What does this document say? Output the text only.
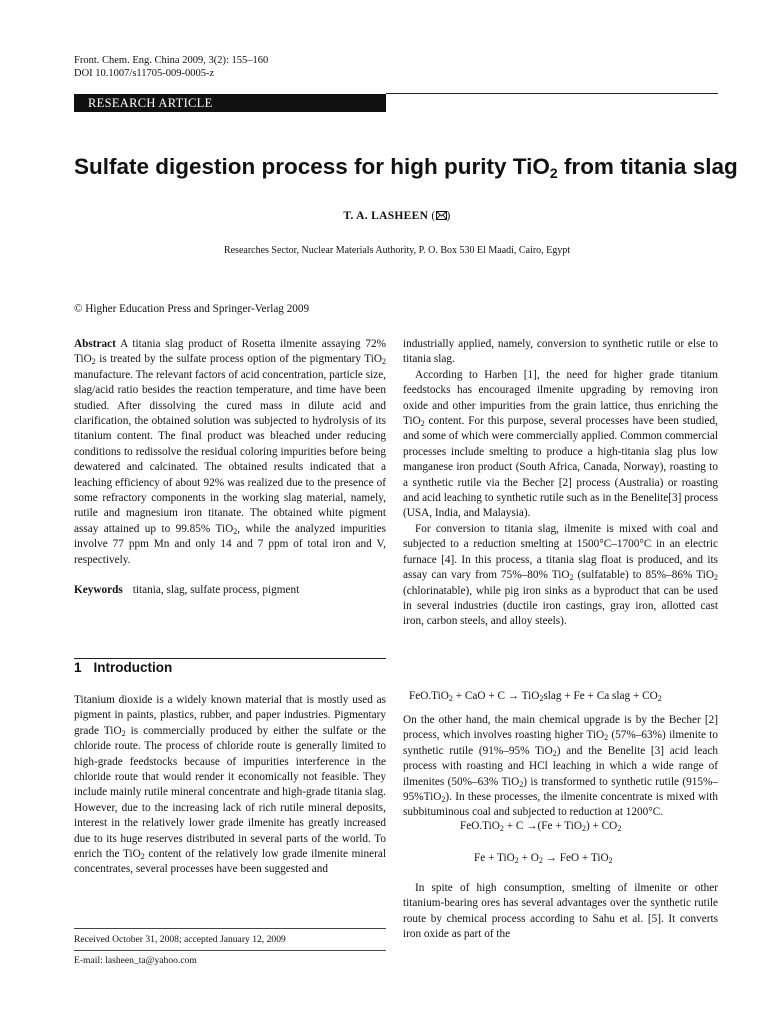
Front. Chem. Eng. China 2009, 3(2): 155–160
DOI 10.1007/s11705-009-0005-z
RESEARCH ARTICLE
Sulfate digestion process for high purity TiO$_2$ from titania slag
T. A. LASHEEN ( )
Researches Sector, Nuclear Materials Authority, P. O. Box 530 El Maadi, Cairo, Egypt
© Higher Education Press and Springer-Verlag 2009

Abstract A titania slag product of Rosetta ilmenite assaying 72% TiO$_2$ is treated by the sulfate process option of the pigmentary TiO$_2$ manufacture. The relevant factors of acid concentration, particle size, slag/acid ratio besides the reaction temperature, and time have been studied. After dissolving the cured mass in dilute acid and clarification, the obtained solution was subjected to hydrolysis of its titanium content. The final product was bleached under reducing conditions to redissolve the residual coloring impurities before being dewatered and calcinated. The obtained results indicated that a leaching efficiency of about 92% was realized due to the presence of some refractory components in the working slag material, namely, rutile and magnesium iron titanate. The obtained white pigment assay attained up to 99.85% TiO$_2$, while the analyzed impurities involve 77 ppm Mn and only 14 and 7 ppm of total iron and V, respectively.

Keywords titania, slag, sulfate process, pigment

1 Introduction

Titanium dioxide is a widely known material that is mostly used as pigment in paints, plastics, rubber, and paper industries. Pigmentary grade TiO$_2$ is commercially produced by either the sulfate or the chloride route. The process of chloride route is generally limited to high-grade feedstocks because of impurities interference in the chloride route that would render it economically not feasible. They include mainly rutile mineral concentrate and high-grade titania slag. However, due to the increasing lack of rich rutile mineral deposits, interest in the relatively lower grade ilmenite has greatly increased due to its huge reserves distributed in several parts of the world. To enrich the TiO$_2$ content of the relatively low grade ilmenite mineral concentrates, several processes have been suggested and

Received October 31, 2008; accepted January 12, 2009
E-mail: lasheen_ta@yahoo.com

industrially applied, namely, conversion to synthetic rutile or else to titania slag.

According to Harben [1], the need for higher grade titanium feedstocks has encouraged ilmenite upgrading by removing iron oxide and other impurities from the grain lattice, thus enriching the TiO$_2$ content. For this purpose, several processes have been studied, and some of which were commercially applied. Common commercial processes include smelting to produce a high-titania slag plus low manganese iron product (South Africa, Canada, Norway), roasting to a synthetic rutile via the Becher [2] process (Australia) or roasting and acid leaching to synthetic rutile such as in the Benelite[3] process (USA, India, and Malaysia).

For conversion to titania slag, ilmenite is mixed with coal and subjected to a reduction smelting at 1500°C–1700°C in an electric furnace [4]. In this process, a titania slag float is produced, and its assay can vary from 75%–80% TiO$_2$ (sulfatable) to 85%–86% TiO$_2$ (chlorinatable), while pig iron sinks as a byproduct that can be used in several industries (ductile iron castings, gray iron, allotted cast iron, carbon steels, and alloy steels).

FeO.TiO$_2$ + CaO + C → TiO$_2$slag + Fe + Ca slag + $CO_2$

On the other hand, the main chemical upgrade is by the Becher [2] process, which involves roasting higher TiO$_2$ (57%–63%) ilmenite to synthetic rutile (91%–95% TiO$_2$) and the Benelite [3] acid leach process with roasting and HCl leaching in which a wide range of ilmenites (50%–63% TiO$_2$) is transformed to synthetic rutile (915%–95%TiO$_2$). In these processes, the ilmenite concentrate is mixed with subbituminous coal and subjected to reduction at 1200°C.

$FeO.TiO_2 + C \to(Fe + TiO_2) + CO_2$
$Fe + TiO_2 + O_2$ → FeO + TiO$_2$

In spite of high consumption, smelting of ilmenite or other titanium-bearing ores has several advantages over the synthetic rutile route by chemical process according to Sahu et al. [5]. It converts iron oxide as part of the
